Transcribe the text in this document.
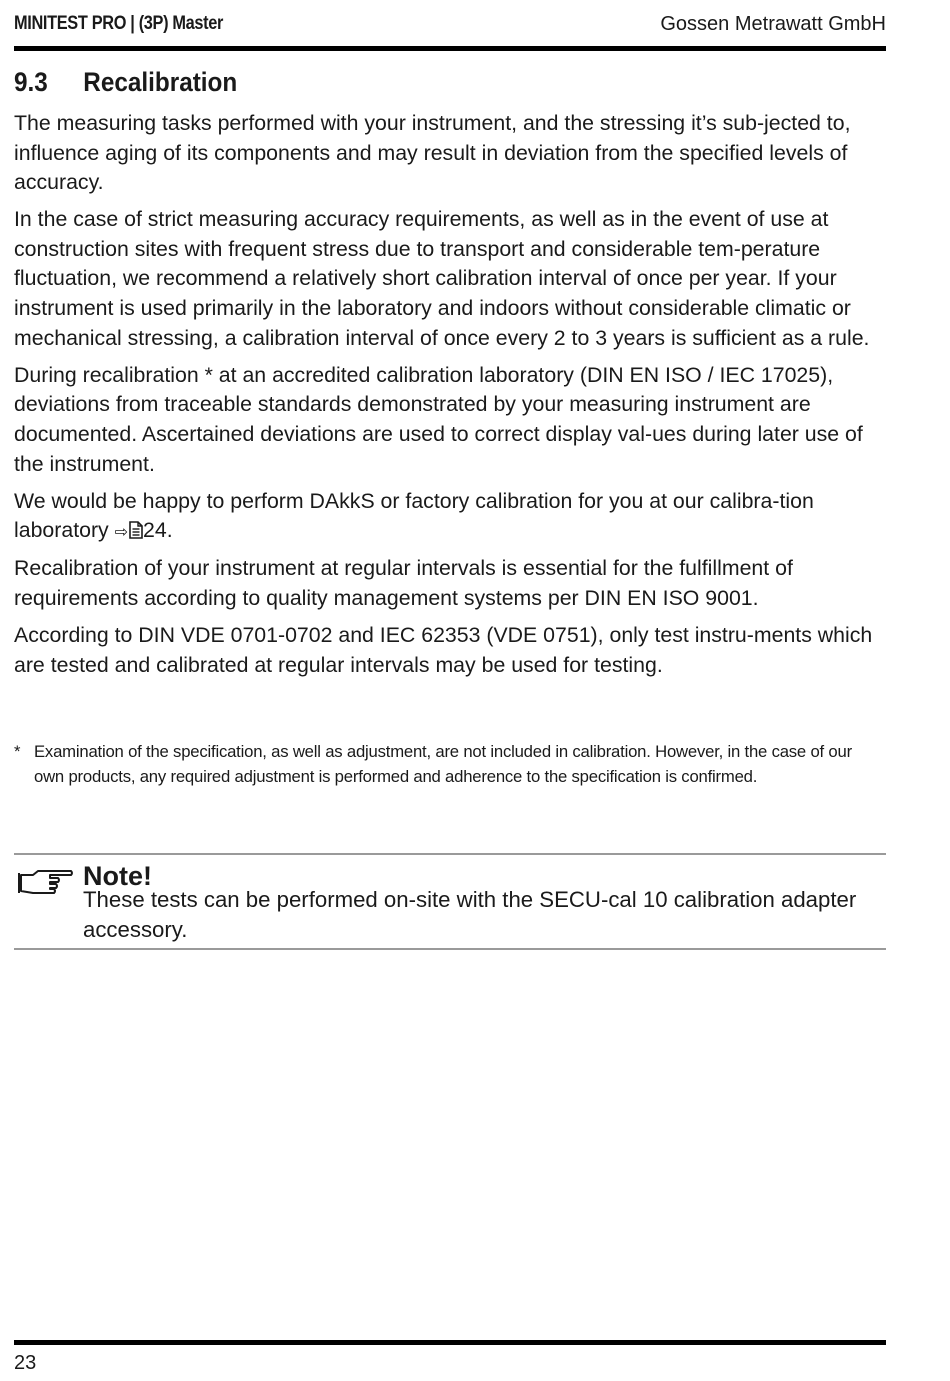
MINITEST PRO | (3P) Master	Gossen Metrawatt GmbH
9.3 Recalibration

The measuring tasks performed with your instrument, and the stressing it’s sub-jected to, influence aging of its components and may result in deviation from the specified levels of accuracy.

In the case of strict measuring accuracy requirements, as well as in the event of use at construction sites with frequent stress due to transport and considerable tem-perature fluctuation, we recommend a relatively short calibration interval of once per year. If your instrument is used primarily in the laboratory and indoors without considerable climatic or mechanical stressing, a calibration interval of once every 2 to 3 years is sufficient as a rule.

During recalibration * at an accredited calibration laboratory (DIN EN ISO / IEC 17025), deviations from traceable standards demonstrated by your measuring instrument are documented. Ascertained deviations are used to correct display val-ues during later use of the instrument.

We would be happy to perform DAkkS or factory calibration for you at our calibra-tion laboratory ⇨ 24.

Recalibration of your instrument at regular intervals is essential for the fulfillment of requirements according to quality management systems per DIN EN ISO 9001.

According to DIN VDE 0701-0702 and IEC 62353 (VDE 0751), only test instru-ments which are tested and calibrated at regular intervals may be used for testing.

* Examination of the specification, as well as adjustment, are not included in calibration. However, in the case of our own products, any required adjustment is performed and adherence to the specification is confirmed.
Note!
These tests can be performed on-site with the SECU-cal 10 calibration adapter accessory.
23
